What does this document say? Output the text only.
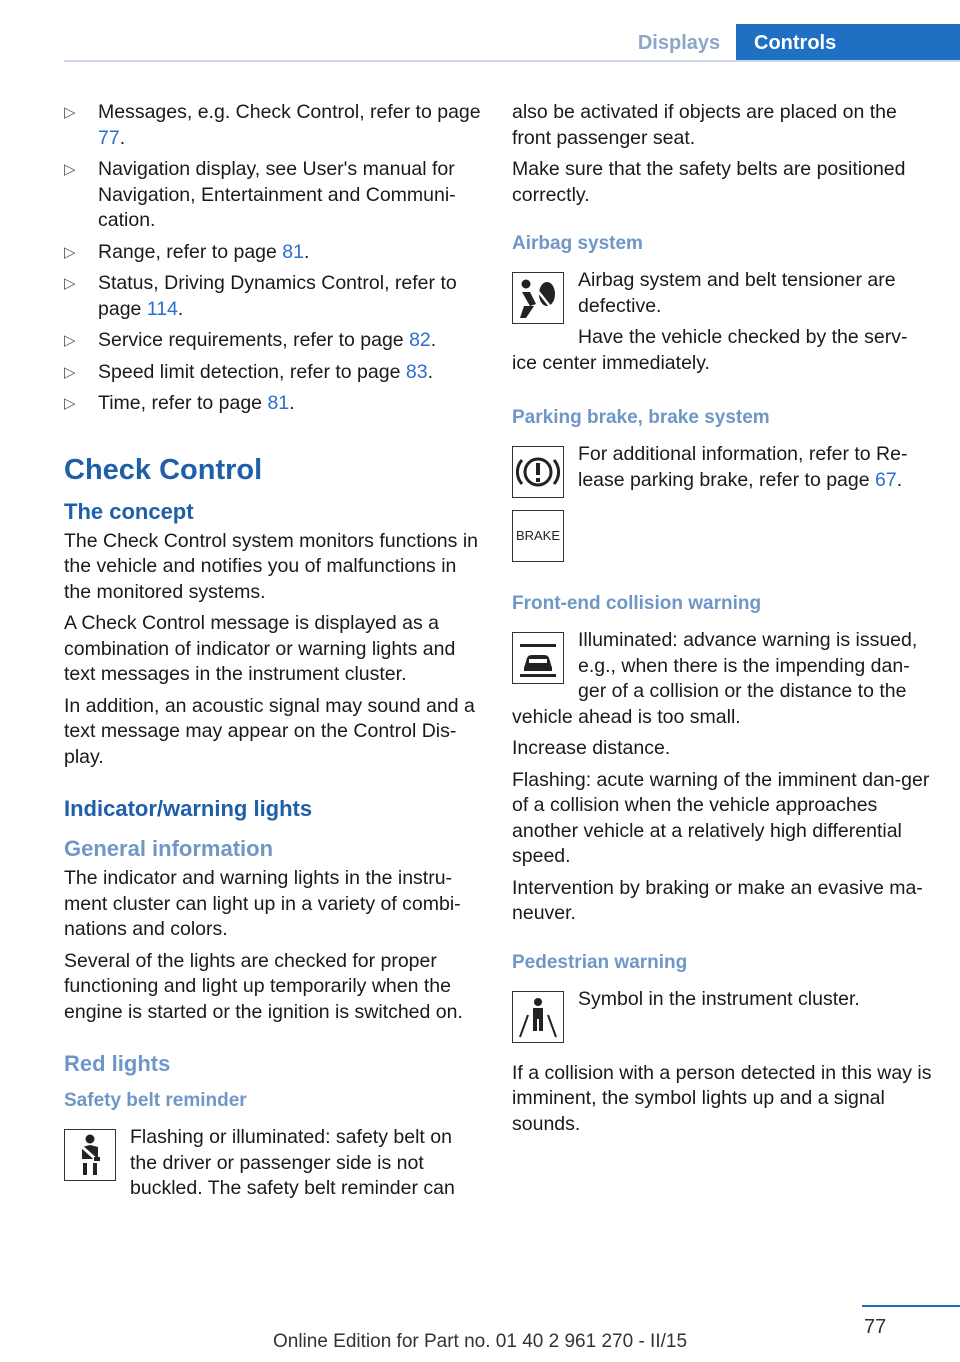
Displays	Controls
▷ Messages, e.g. Check Control, refer to page 77.
▷ Navigation display, see User's manual for Navigation, Entertainment and Communi-cation.
▷ Range, refer to page 81.
▷ Status, Driving Dynamics Control, refer to page 114.
▷ Service requirements, refer to page 82.
▷ Speed limit detection, refer to page 83.
▷ Time, refer to page 81.
Check Control
The concept

The Check Control system monitors functions in the vehicle and notifies you of malfunctions in the monitored systems.

A Check Control message is displayed as a combination of indicator or warning lights and text messages in the instrument cluster.

In addition, an acoustic signal may sound and a text message may appear on the Control Dis-play.

Indicator/warning lights
General information

The indicator and warning lights in the instru-ment cluster can light up in a variety of combi-nations and colors.

Several of the lights are checked for proper functioning and light up temporarily when the engine is started or the ignition is switched on.

Red lights
Safety belt reminder

Flashing or illuminated: safety belt on the driver or passenger side is not buckled. The safety belt reminder can

also be activated if objects are placed on the front passenger seat.

Make sure that the safety belts are positioned correctly.

Airbag system

Airbag system and belt tensioner are defective.

Have the vehicle checked by the serv-ice center immediately.

Parking brake, brake system

For additional information, refer to Re-lease parking brake, refer to page 67.

BRAKE
Front-end collision warning

Illuminated: advance warning is issued, e.g., when there is the impending dan-ger of a collision or the distance to the vehicle ahead is too small.

Increase distance.

Flashing: acute warning of the imminent dan-ger of a collision when the vehicle approaches another vehicle at a relatively high differential speed.

Intervention by braking or make an evasive ma-neuver.

Pedestrian warning

Symbol in the instrument cluster.

If a collision with a person detected in this way is imminent, the symbol lights up and a signal sounds.

77
Online Edition for Part no. 01 40 2 961 270 - II/15
